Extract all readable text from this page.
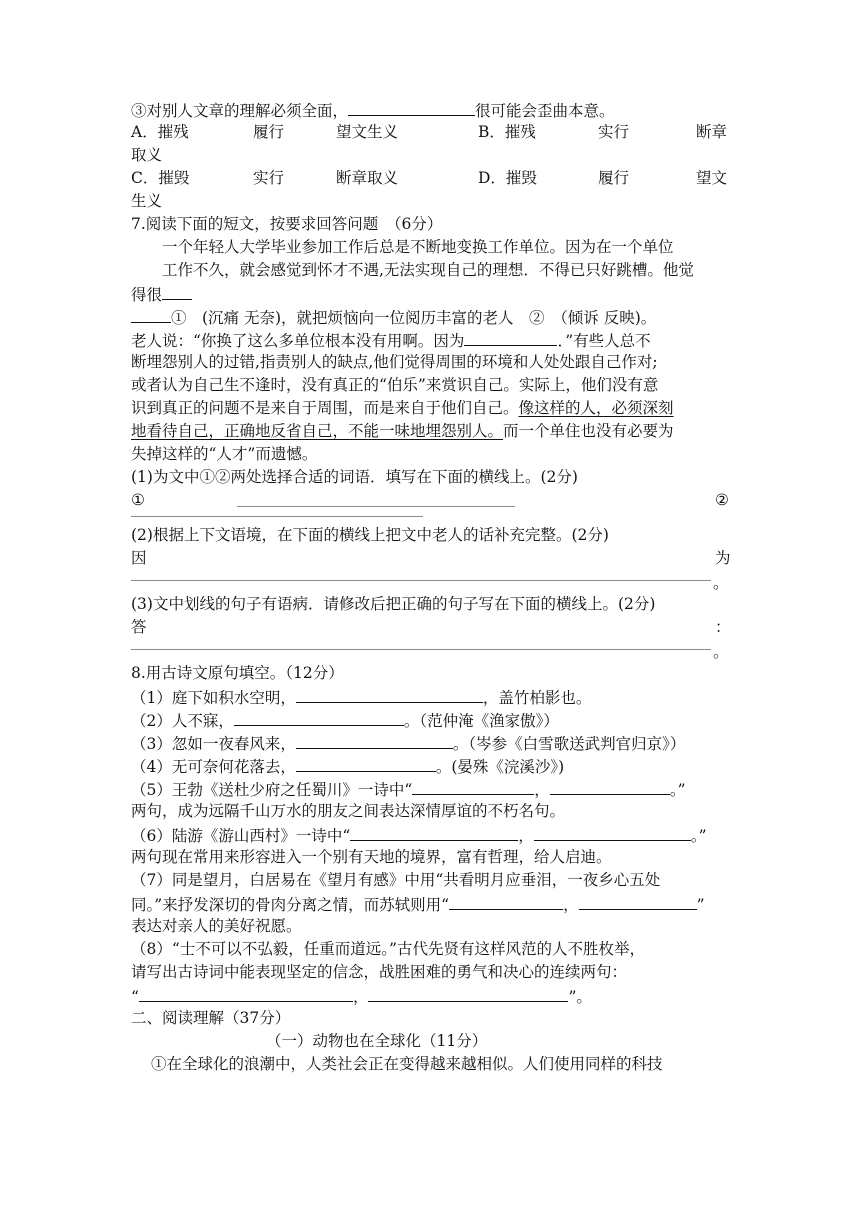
③对别人文章的理解必须全面，	很可能会歪曲本意。
A．摧残	履行	望文生义	B．摧残	实行	断章
取义
C．摧毁	实行	断章取义	D．摧毁	履行	望文
生义
7.阅读下面的短文，按要求回答问题　（6分）
一个年轻人大学毕业参加工作后总是不断地变换工作单位。因为在一个单位
工作不久，就会感觉到怀才不遇,无法实现自己的理想．不得已只好跳槽。他觉
得很
①　(沉痛 无奈)，就把烦恼向一位阅历丰富的老人　②　（倾诉 反映)。
老人说：“你换了这么多单位根本没有用啊。因为	．”有些人总不
断埋怨别人的过错,指责别人的缺点,他们觉得周围的环境和人处处跟自己作对;
或者认为自己生不逢时，没有真正的“伯乐”来赏识自己。实际上，他们没有意
识到真正的问题不是来自于周围，而是来自于他们自己。像这样的人，必须深刻
地看待自己，正确地反省自己，不能一味地埋怨别人。而一个单住也没有必要为
失掉这样的“人才”而遗憾。
(1)为文中①②两处选择合适的词语．填写在下面的横线上。(2分)
①	②
(2)根据上下文语境，在下面的横线上把文中老人的话补充完整。(2分)
因	为
。
(3)文中划线的句子有语病．请修改后把正确的句子写在下面的横线上。(2分)
答	：
。
8.用古诗文原句填空。（12分）
（1）庭下如积水空明，	，盖竹柏影也。
（2）人不寐，	。（范仲淹《渔家傲》）
（3）忽如一夜春风来，	。（岑参《白雪歌送武判官归京》）
（4）无可奈何花落去，	。(晏殊《浣溪沙》)
（5）王勃《送杜少府之任蜀川》一诗中“	，	。”
两句，成为远隔千山万水的朋友之间表达深情厚谊的不朽名句。
（6）陆游《游山西村》一诗中“	，	。”
两句现在常用来形容进入一个别有天地的境界，富有哲理，给人启迪。
（7）同是望月，白居易在《望月有感》中用“共看明月应垂泪，一夜乡心五处
同。”来抒发深切的骨肉分离之情，而苏轼则用“	，	”
表达对亲人的美好祝愿。
（8）“士不可以不弘毅，任重而道远。”古代先贤有这样风范的人不胜枚举，
请写出古诗词中能表现坚定的信念，战胜困难的勇气和决心的连续两句：
“	，	”。
二、阅读理解（37分）
（一）动物也在全球化（11分）
①在全球化的浪潮中，人类社会正在变得越来越相似。人们使用同样的科技
